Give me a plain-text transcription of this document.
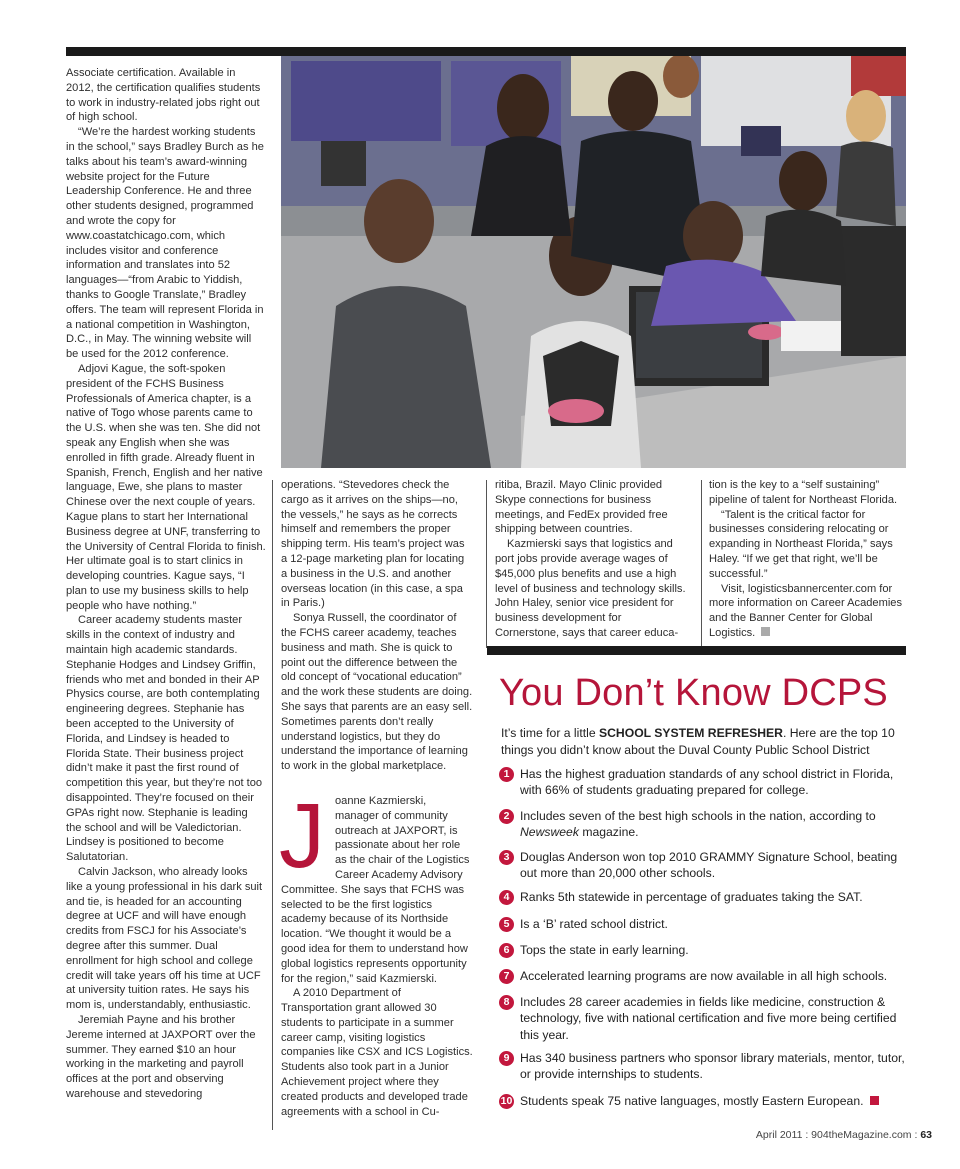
Associate certification. Available in 2012, the certification qualifies students to work in industry-related jobs right out of high school.

“We’re the hardest working students in the school,” says Bradley Burch as he talks about his team’s award-winning website project for the Future Leadership Conference. He and three other students designed, programmed and wrote the copy for www.coastatchicago.com, which includes visitor and conference information and translates into 52 languages—“from Arabic to Yiddish, thanks to Google Translate,” Bradley offers. The team will represent Florida in a national competition in Washington, D.C., in May. The winning website will be used for the 2012 conference.

Adjovi Kague, the soft-spoken president of the FCHS Business Professionals of America chapter, is a native of Togo whose parents came to the U.S. when she was ten. She did not speak any English when she was enrolled in fifth grade. Already fluent in Spanish, French, English and her native language, Ewe, she plans to master Chinese over the next couple of years. Kague plans to start her International Business degree at UNF, transferring to the University of Central Florida to finish. Her ultimate goal is to start clinics in developing countries. Kague says, “I plan to use my business skills to help people who have nothing.”

Career academy students master skills in the context of industry and maintain high academic standards. Stephanie Hodges and Lindsey Griffin, friends who met and bonded in their AP Physics course, are both contemplating engineering degrees. Stephanie has been accepted to the University of Florida, and Lindsey is headed to Florida State. Their business project didn’t make it past the first round of competition this year, but they’re not too disappointed. They’re focused on their GPAs right now. Stephanie is leading the school and will be Valedictorian. Lindsey is positioned to become Salutatorian.

Calvin Jackson, who already looks like a young professional in his dark suit and tie, is headed for an accounting degree at UCF and will have enough credits from FSCJ for his Associate’s degree after this summer. Dual enrollment for high school and college credit will take years off his time at UCF at university tuition rates. He says his mom is, understandably, enthusiastic.

Jeremiah Payne and his brother Jereme interned at JAXPORT over the summer. They earned $10 an hour working in the marketing and payroll offices at the port and observing warehouse and stevedoring

operations. “Stevedores check the cargo as it arrives on the ships—no, the vessels,” he says as he corrects himself and remembers the proper shipping term. His team’s project was a 12-page marketing plan for locating a business in the U.S. and another overseas location (in this case, a spa in Paris.)

Sonya Russell, the coordinator of the FCHS career academy, teaches business and math. She is quick to point out the difference between the old concept of “vocational education” and the work these students are doing. She says that parents are an easy sell. Sometimes parents don’t really understand logistics, but they do understand the importance of learning to work in the global marketplace.

Joanne Kazmierski, manager of community outreach at JAXPORT, is passionate about her role as the chair of the Logistics Career Academy Advisory Committee. She says that FCHS was selected to be the first logistics academy because of its Northside location. “We thought it would be a good idea for them to understand how global logistics represents opportunity for the region,” said Kazmierski.

A 2010 Department of Transportation grant allowed 30 students to participate in a summer career camp, visiting logistics companies like CSX and ICS Logistics. Students also took part in a Junior Achievement project where they created products and developed trade agreements with a school in Cu-

ritiba, Brazil. Mayo Clinic provided Skype connections for business meetings, and FedEx provided free shipping between countries.

Kazmierski says that logistics and port jobs provide average wages of $45,000 plus benefits and use a high level of business and technology skills. John Haley, senior vice president for business development for Cornerstone, says that career educa-

tion is the key to a “self sustaining” pipeline of talent for Northeast Florida.

“Talent is the critical factor for businesses considering relocating or expanding in Northeast Florida,” says Haley. “If we get that right, we’ll be successful.”

Visit, logisticsbannercenter.com for more information on Career Academies and the Banner Center for Global Logistics.

You Don’t Know DCPS
It’s time for a little SCHOOL SYSTEM REFRESHER. Here are the top 10 things you didn’t know about the Duval County Public School District
1 Has the highest graduation standards of any school district in Florida, with 66% of students graduating prepared for college.
2 Includes seven of the best high schools in the nation, according to Newsweek magazine.
3 Douglas Anderson won top 2010 GRAMMY Signature School, beating out more than 20,000 other schools.
4 Ranks 5th statewide in percentage of graduates taking the SAT.
5 Is a ‘B’ rated school district.
6 Tops the state in early learning.
7 Accelerated learning programs are now available in all high schools.
8 Includes 28 career academies in fields like medicine, construction & technology, five with national certification and five more being certified this year.
9 Has 340 business partners who sponsor library materials, mentor, tutor, or provide internships to students.
10 Students speak 75 native languages, mostly Eastern European.
April 2011 : 904theMagazine.com : 63
